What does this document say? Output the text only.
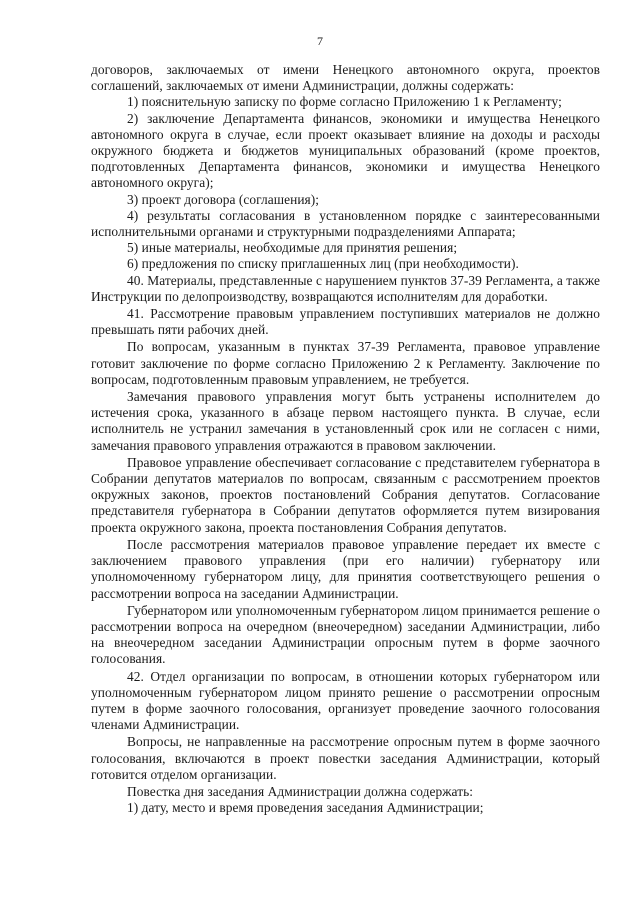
7

договоров, заключаемых от имени Ненецкого автономного округа, проектов соглашений, заключаемых от имени Администрации, должны содержать:

1) пояснительную записку по форме согласно Приложению 1 к Регламенту;

2) заключение Департамента финансов, экономики и имущества Ненецкого автономного округа в случае, если проект оказывает влияние на доходы и расходы окружного бюджета и бюджетов муниципальных образований (кроме проектов, подготовленных Департамента финансов, экономики и имущества Ненецкого автономного округа);

3) проект договора (соглашения);

4) результаты согласования в установленном порядке с заинтересованными исполнительными органами и структурными подразделениями Аппарата;

5) иные материалы, необходимые для принятия решения;

6) предложения по списку приглашенных лиц (при необходимости).

40. Материалы, представленные с нарушением пунктов 37-39 Регламента, а также Инструкции по делопроизводству, возвращаются исполнителям для доработки.

41. Рассмотрение правовым управлением поступивших материалов не должно превышать пяти рабочих дней.

По вопросам, указанным в пунктах 37-39 Регламента, правовое управление готовит заключение по форме согласно Приложению 2 к Регламенту. Заключение по вопросам, подготовленным правовым управлением, не требуется.

Замечания правового управления могут быть устранены исполнителем до истечения срока, указанного в абзаце первом настоящего пункта. В случае, если исполнитель не устранил замечания в установленный срок или не согласен с ними, замечания правового управления отражаются в правовом заключении.

Правовое управление обеспечивает согласование с представителем губернатора в Собрании депутатов материалов по вопросам, связанным с рассмотрением проектов окружных законов, проектов постановлений Собрания депутатов. Согласование представителя губернатора в Собрании депутатов оформляется путем визирования проекта окружного закона, проекта постановления Собрания депутатов.

После рассмотрения материалов правовое управление передает их вместе с заключением правового управления (при его наличии) губернатору или уполномоченному губернатором лицу, для принятия соответствующего решения о рассмотрении вопроса на заседании Администрации.

Губернатором или уполномоченным губернатором лицом принимается решение о рассмотрении вопроса на очередном (внеочередном) заседании Администрации, либо на внеочередном заседании Администрации опросным путем в форме заочного голосования.

42. Отдел организации по вопросам, в отношении которых губернатором или уполномоченным губернатором лицом принято решение о рассмотрении опросным путем в форме заочного голосования, организует проведение заочного голосования членами Администрации.

Вопросы, не направленные на рассмотрение опросным путем в форме заочного голосования, включаются в проект повестки заседания Администрации, который готовится отделом организации.

Повестка дня заседания Администрации должна содержать:

1) дату, место и время проведения заседания Администрации;
